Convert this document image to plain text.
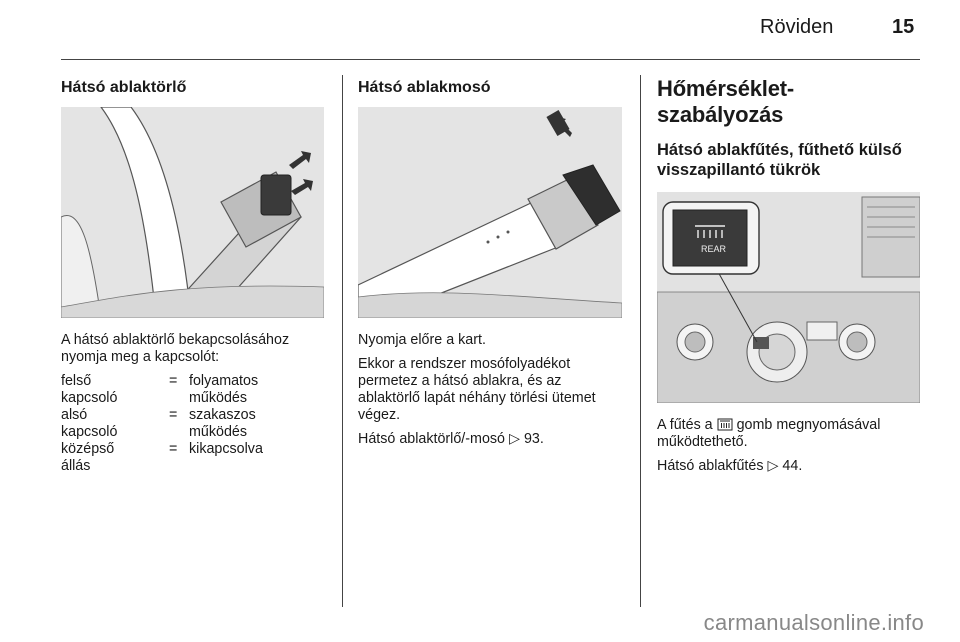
Röviden	15
Hátsó ablaktörlő

A hátsó ablaktörlő bekapcsolásához nyomja meg a kapcsolót:

felső
kapcsoló	=	folyamatos
működés
alsó
kapcsoló	=	szakaszos
működés
középső
állás	=	kikapcsolva
Hátsó ablakmosó

Nyomja előre a kart.

Ekkor a rendszer mosófolyadékot permetez a hátsó ablakra, és az ablaktörlő lapát néhány törlési ütemet végez.

Hátsó ablaktörlő/-mosó ▷ 93.

Hőmérséklet-szabályozás
Hátsó ablakfűtés, fűthető külső visszapillantó tükrök
REAR

A fűtés a  gomb megnyomásával működtethető.

Hátsó ablakfűtés ▷ 44.

carmanualsonline.info
